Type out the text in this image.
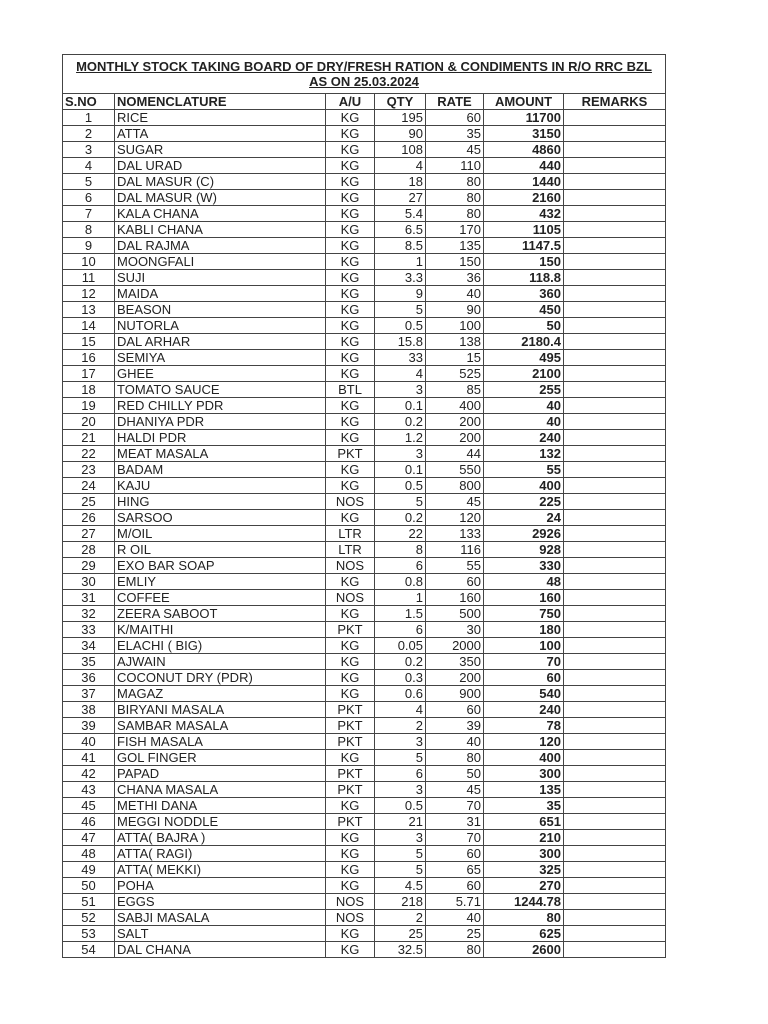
MONTHLY STOCK TAKING BOARD OF DRY/FRESH RATION & CONDIMENTS IN R/O RRC BZL AS ON 25.03.2024						
S.NO	NOMENCLATURE	A/U	QTY	RATE	AMOUNT	REMARKS
1	RICE	KG	195	60	11700	
2	ATTA	KG	90	35	3150	
3	SUGAR	KG	108	45	4860	
4	DAL URAD	KG	4	110	440	
5	DAL MASUR (C)	KG	18	80	1440	
6	DAL MASUR (W)	KG	27	80	2160	
7	KALA CHANA	KG	5.4	80	432	
8	KABLI CHANA	KG	6.5	170	1105	
9	DAL RAJMA	KG	8.5	135	1147.5	
10	MOONGFALI	KG	1	150	150	
11	SUJI	KG	3.3	36	118.8	
12	MAIDA	KG	9	40	360	
13	BEASON	KG	5	90	450	
14	NUTORLA	KG	0.5	100	50	
15	DAL ARHAR	KG	15.8	138	2180.4	
16	SEMIYA	KG	33	15	495	
17	GHEE	KG	4	525	2100	
18	TOMATO SAUCE	BTL	3	85	255	
19	RED CHILLY PDR	KG	0.1	400	40	
20	DHANIYA PDR	KG	0.2	200	40	
21	HALDI PDR	KG	1.2	200	240	
22	MEAT MASALA	PKT	3	44	132	
23	BADAM	KG	0.1	550	55	
24	KAJU	KG	0.5	800	400	
25	HING	NOS	5	45	225	
26	SARSOO	KG	0.2	120	24	
27	M/OIL	LTR	22	133	2926	
28	R OIL	LTR	8	116	928	
29	EXO BAR SOAP	NOS	6	55	330	
30	EMLIY	KG	0.8	60	48	
31	COFFEE	NOS	1	160	160	
32	ZEERA SABOOT	KG	1.5	500	750	
33	K/MAITHI	PKT	6	30	180	
34	ELACHI ( BIG)	KG	0.05	2000	100	
35	AJWAIN	KG	0.2	350	70	
36	COCONUT DRY (PDR)	KG	0.3	200	60	
37	MAGAZ	KG	0.6	900	540	
38	BIRYANI MASALA	PKT	4	60	240	
39	SAMBAR MASALA	PKT	2	39	78	
40	FISH MASALA	PKT	3	40	120	
41	GOL FINGER	KG	5	80	400	
42	PAPAD	PKT	6	50	300	
43	CHANA MASALA	PKT	3	45	135	
45	METHI DANA	KG	0.5	70	35	
46	MEGGI NODDLE	PKT	21	31	651	
47	ATTA( BAJRA )	KG	3	70	210	
48	ATTA( RAGI)	KG	5	60	300	
49	ATTA( MEKKI)	KG	5	65	325	
50	POHA	KG	4.5	60	270	
51	EGGS	NOS	218	5.71	1244.78	
52	SABJI MASALA	NOS	2	40	80	
53	SALT	KG	25	25	625	
54	DAL CHANA	KG	32.5	80	2600	
